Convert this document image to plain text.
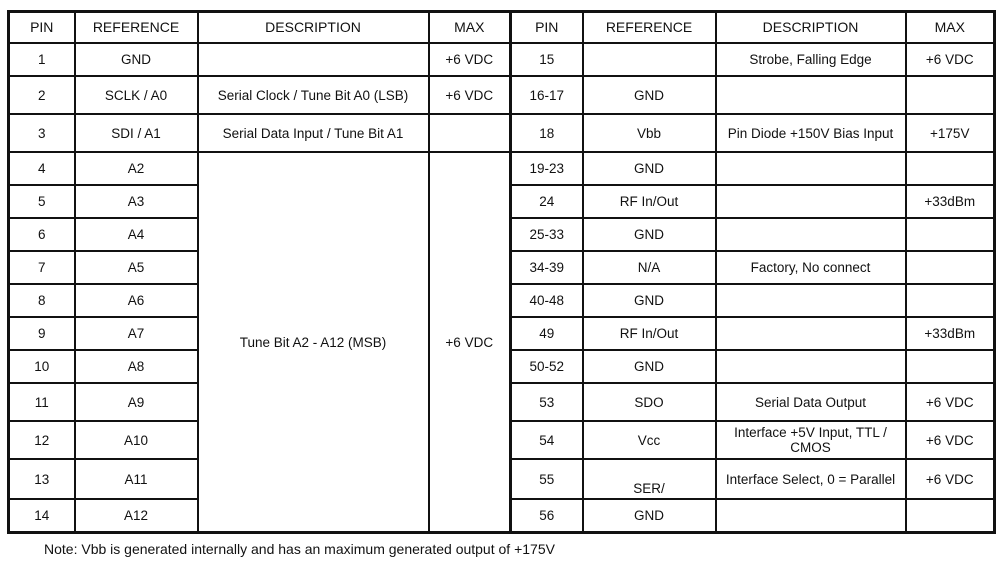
PIN	REFERENCE	DESCRIPTION	MAX	PIN	REFERENCE	DESCRIPTION	MAX
1	GND		+6 VDC	15		Strobe, Falling Edge	+6 VDC
2	SCLK / A0	Serial Clock / Tune Bit A0 (LSB)	+6 VDC	16-17	GND		
3	SDI / A1	Serial Data Input / Tune Bit A1		18	Vbb	Pin Diode +150V Bias Input	+175V
4	A2	Tune Bit A2 - A12 (MSB)	+6 VDC	19-23	GND		
5	A3			24	RF In/Out		+33dBm
6	A4			25-33	GND		
7	A5			34-39	N/A	Factory, No connect	
8	A6			40-48	GND		
9	A7			49	RF In/Out		+33dBm
10	A8			50-52	GND		
11	A9			53	SDO	Serial Data Output	+6 VDC
12	A10			54	Vcc	Interface +5V Input, TTL / CMOS	+6 VDC
13	A11			55	SER/	Interface Select, 0 = Parallel	+6 VDC
14	A12			56	GND		
Note: Vbb is generated internally and has an maximum generated output of +175V
